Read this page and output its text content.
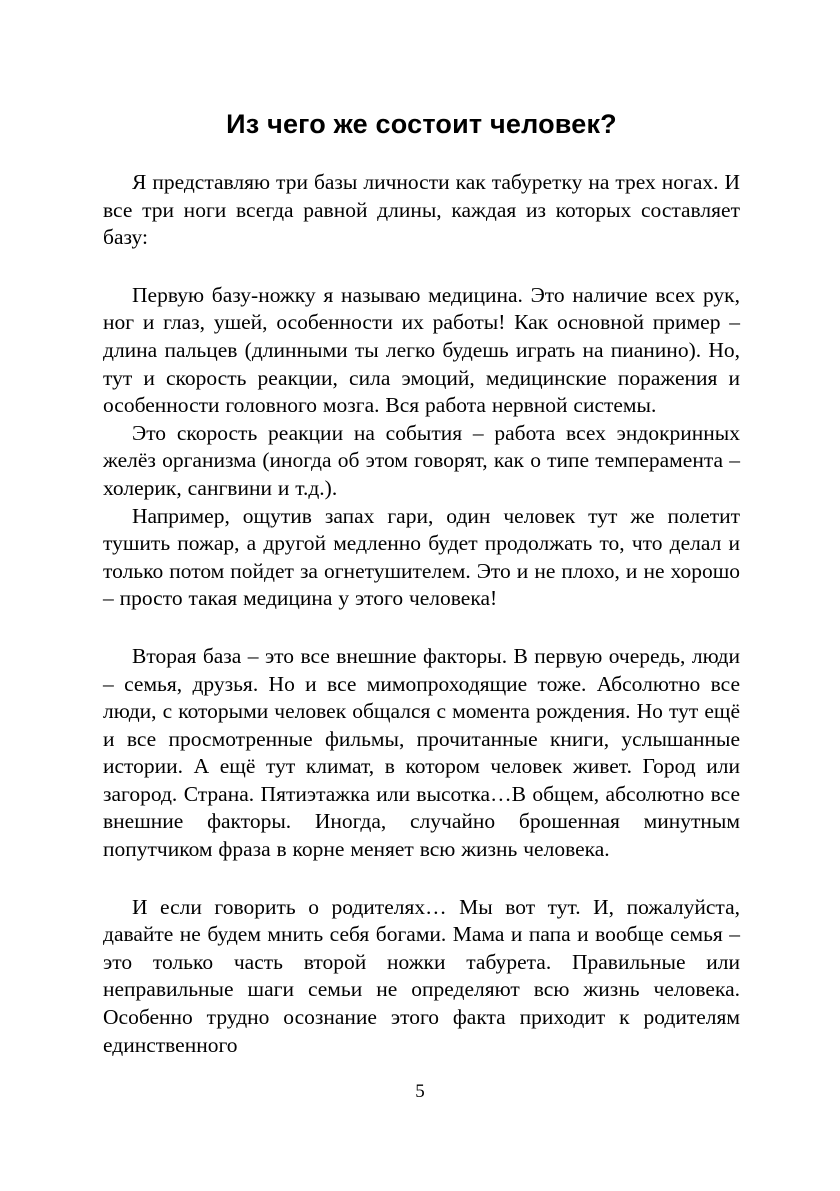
Из чего же состоит человек?

Я представляю три базы личности как табуретку на трех ногах. И все три ноги всегда равной длины, каждая из которых составляет базу:

Первую базу-ножку я называю медицина. Это наличие всех рук, ног и глаз, ушей, особенности их работы! Как основной пример – длина пальцев (длинными ты легко будешь играть на пианино). Но, тут и скорость реакции, сила эмоций, медицинские поражения и особенности головного мозга. Вся работа нервной системы.

Это скорость реакции на события – работа всех эндокринных желёз организма (иногда об этом говорят, как о типе темперамента – холерик, сангвини и т.д.).

Например, ощутив запах гари, один человек тут же полетит тушить пожар, а другой медленно будет продолжать то, что делал и только потом пойдет за огнетушителем. Это и не плохо, и не хорошо – просто такая медицина у этого человека!

Вторая база – это все внешние факторы. В первую очередь, люди – семья, друзья. Но и все мимопроходящие тоже. Абсолютно все люди, с которыми человек общался с момента рождения. Но тут ещё и все просмотренные фильмы, прочитанные книги, услышанные истории. А ещё тут климат, в котором человек живет. Город или загород. Страна. Пятиэтажка или высотка…В общем, абсолютно все внешние факторы. Иногда, случайно брошенная минутным попутчиком фраза в корне меняет всю жизнь человека.

И если говорить о родителях… Мы вот тут. И, пожалуйста, давайте не будем мнить себя богами. Мама и папа и вообще семья – это только часть второй ножки табурета. Правильные или неправильные шаги семьи не определяют всю жизнь человека. Особенно трудно осознание этого факта приходит к родителям единственного

5
